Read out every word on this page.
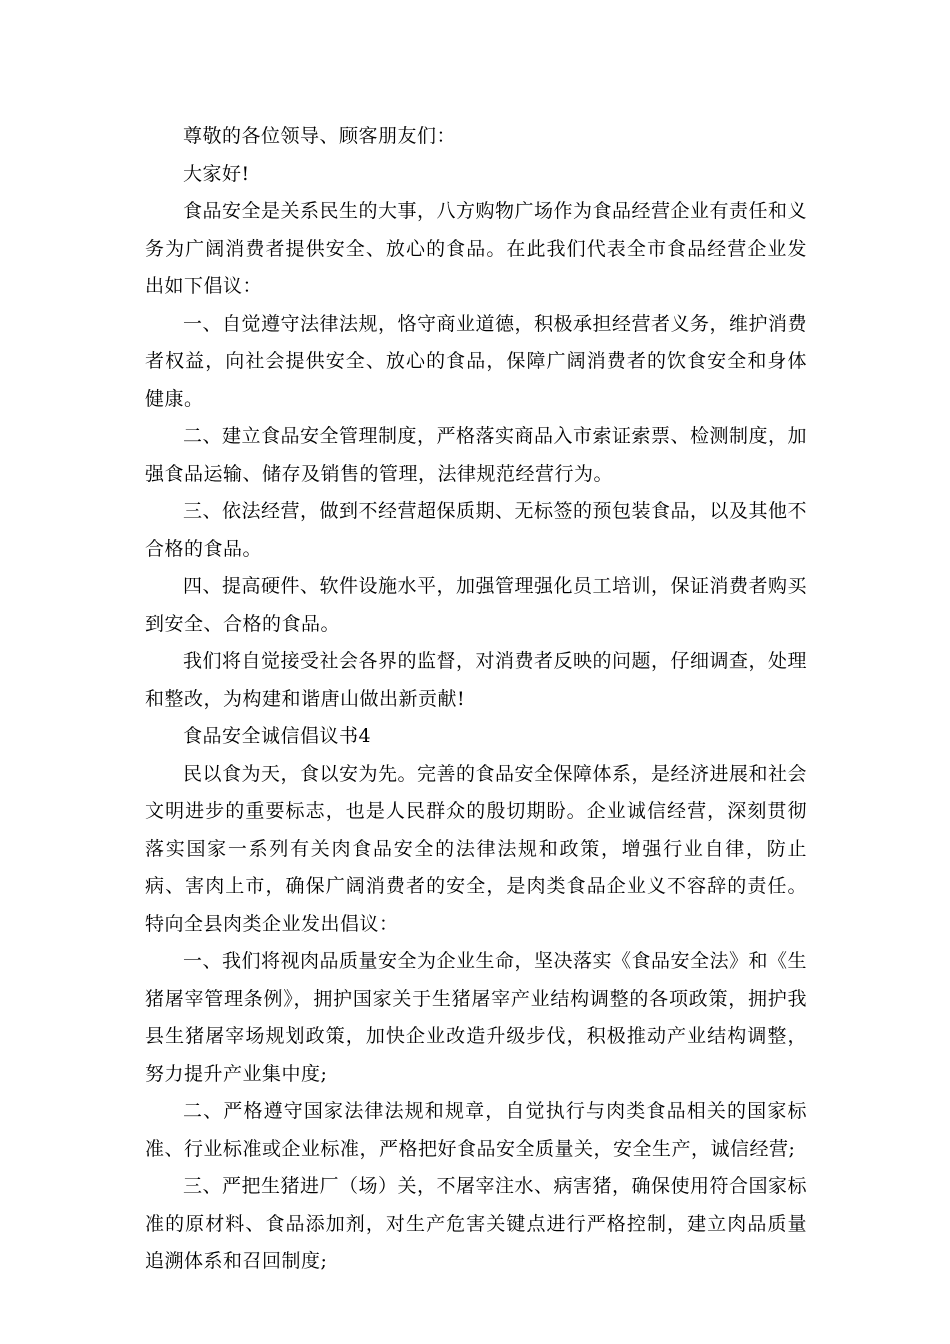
尊敬的各位领导、顾客朋友们：

大家好!

食品安全是关系民生的大事，八方购物广场作为食品经营企业有责任和义务为广阔消费者提供安全、放心的食品。在此我们代表全市食品经营企业发出如下倡议：

一、自觉遵守法律法规，恪守商业道德，积极承担经营者义务，维护消费者权益，向社会提供安全、放心的食品，保障广阔消费者的饮食安全和身体健康。

二、建立食品安全管理制度，严格落实商品入市索证索票、检测制度，加强食品运输、储存及销售的管理，法律规范经营行为。

三、依法经营，做到不经营超保质期、无标签的预包装食品，以及其他不合格的食品。

四、提高硬件、软件设施水平，加强管理强化员工培训，保证消费者购买到安全、合格的食品。

我们将自觉接受社会各界的监督，对消费者反映的问题，仔细调查，处理和整改，为构建和谐唐山做出新贡献!

食品安全诚信倡议书4

民以食为天，食以安为先。完善的食品安全保障体系，是经济进展和社会文明进步的重要标志，也是人民群众的殷切期盼。企业诚信经营，深刻贯彻落实国家一系列有关肉食品安全的法律法规和政策，增强行业自律，防止病、害肉上市，确保广阔消费者的安全，是肉类食品企业义不容辞的责任。特向全县肉类企业发出倡议：

一、我们将视肉品质量安全为企业生命，坚决落实《食品安全法》和《生猪屠宰管理条例》，拥护国家关于生猪屠宰产业结构调整的各项政策，拥护我县生猪屠宰场规划政策，加快企业改造升级步伐，积极推动产业结构调整，努力提升产业集中度;

二、严格遵守国家法律法规和规章，自觉执行与肉类食品相关的国家标准、行业标准或企业标准，严格把好食品安全质量关，安全生产，诚信经营;

三、严把生猪进厂（场）关，不屠宰注水、病害猪，确保使用符合国家标准的原材料、食品添加剂，对生产危害关键点进行严格控制，建立肉品质量追溯体系和召回制度;
